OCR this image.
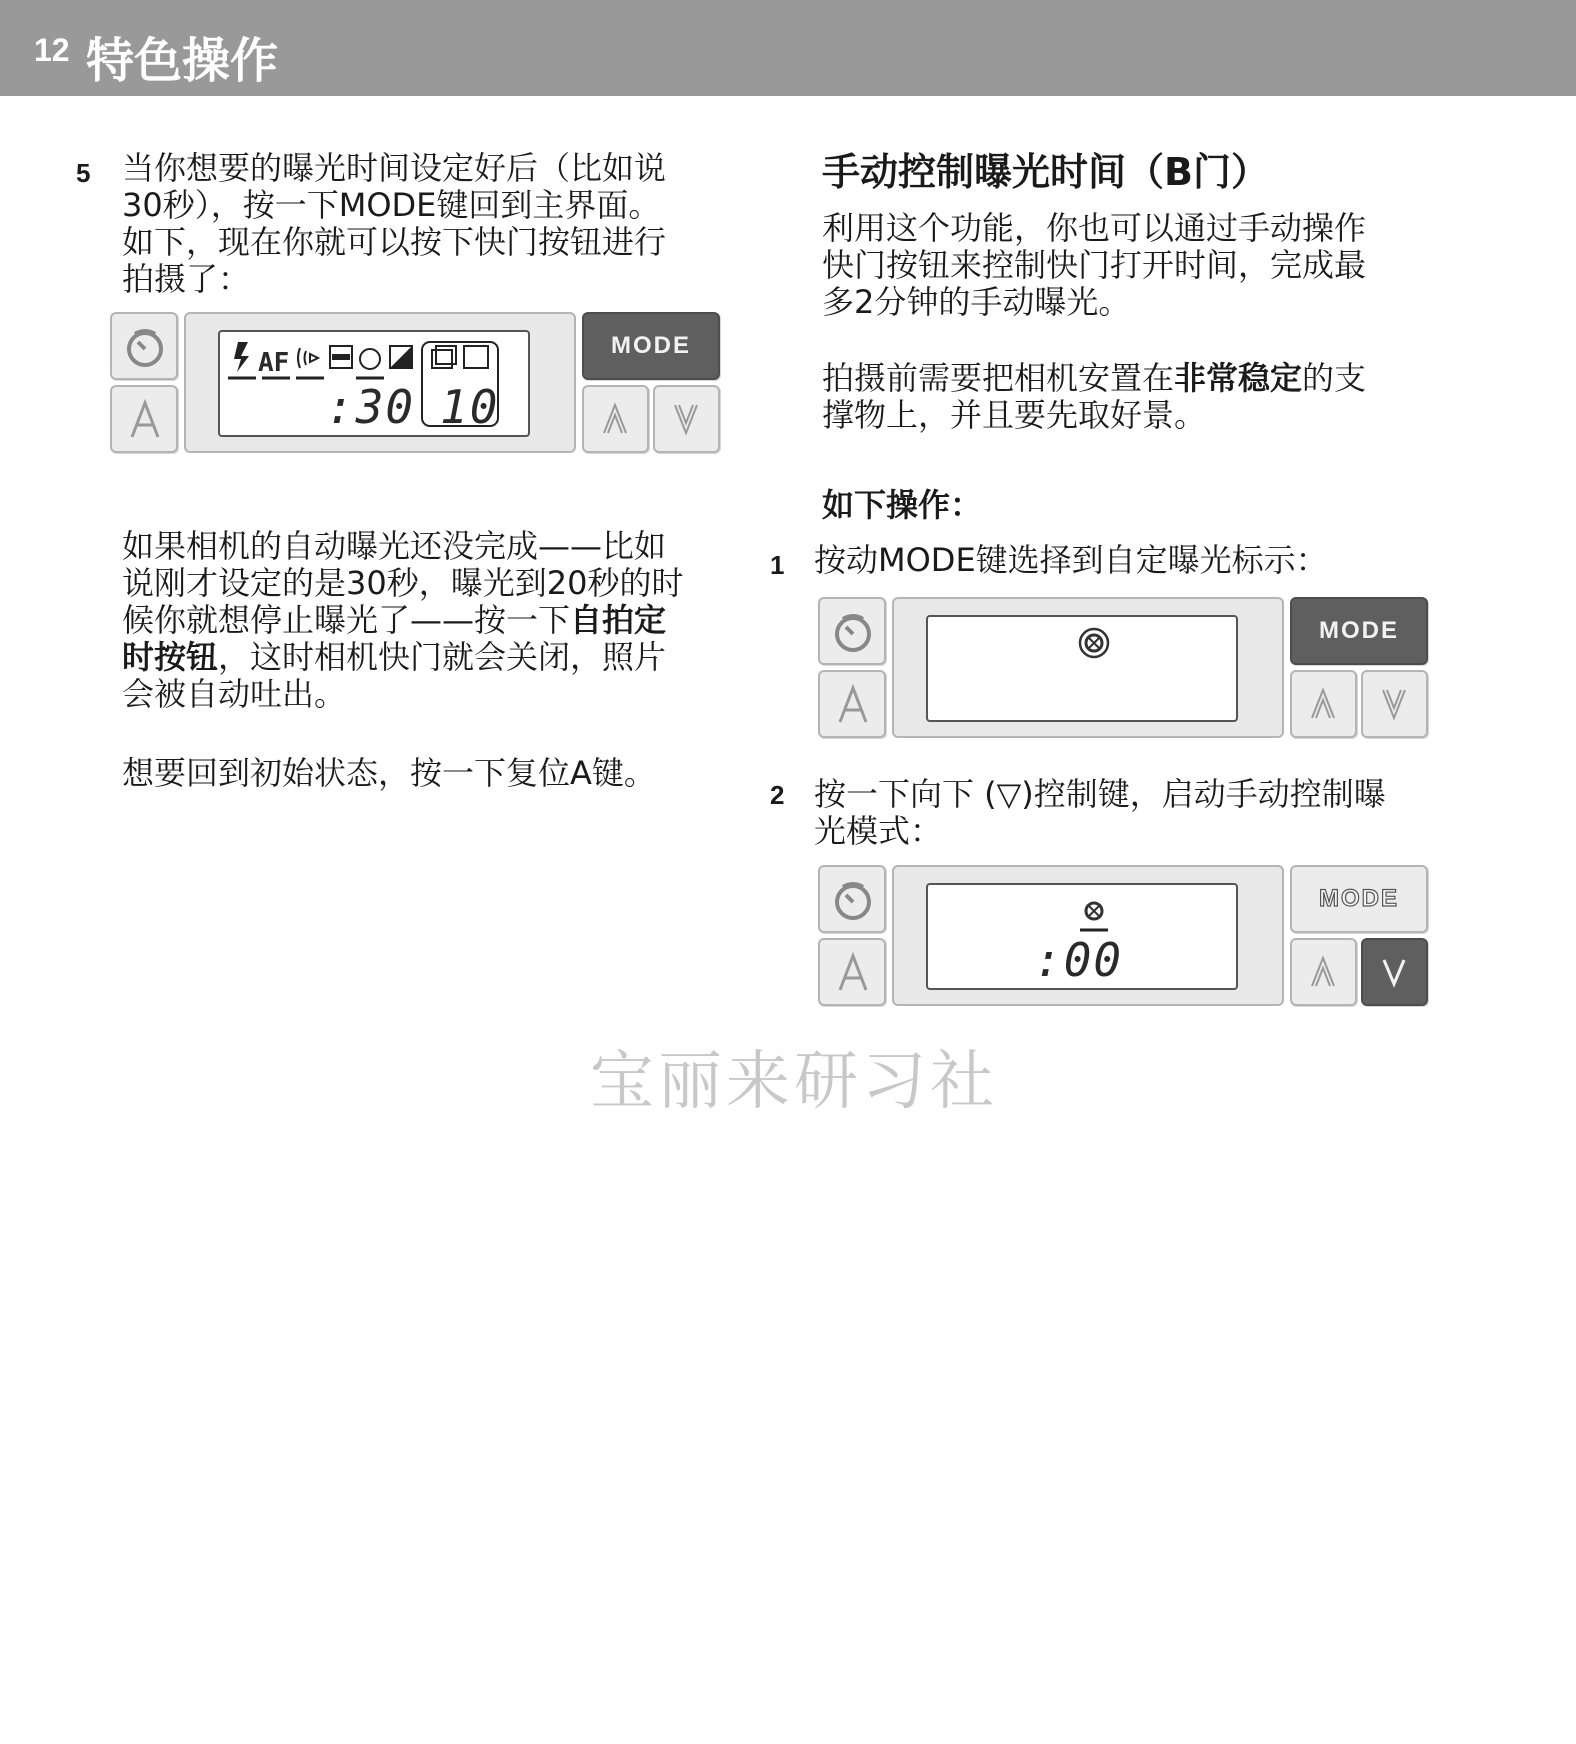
12 特色操作
5 当你想要的曝光时间设定好后（比如说
30秒），按一下MODE键回到主界面。
如下，现在你就可以按下快门按钮进行
拍摄了：
AF
:30 10
MODE
如果相机的自动曝光还没完成——比如
说刚才设定的是30秒，曝光到20秒的时
候你就想停止曝光了——按一下自拍定
时按钮，这时相机快门就会关闭，照片
会被自动吐出。
想要回到初始状态，按一下复位A键。
手动控制曝光时间（B门）
利用这个功能，你也可以通过手动操作
快门按钮来控制快门打开时间，完成最
多2分钟的手动曝光。
拍摄前需要把相机安置在非常稳定的支
撑物上，并且要先取好景。
如下操作：
1 按动MODE键选择到自定曝光标示：
MODE
2 按一下向下 (▽)控制键，启动手动控制曝
光模式：
:00
MODE
宝丽来研习社
